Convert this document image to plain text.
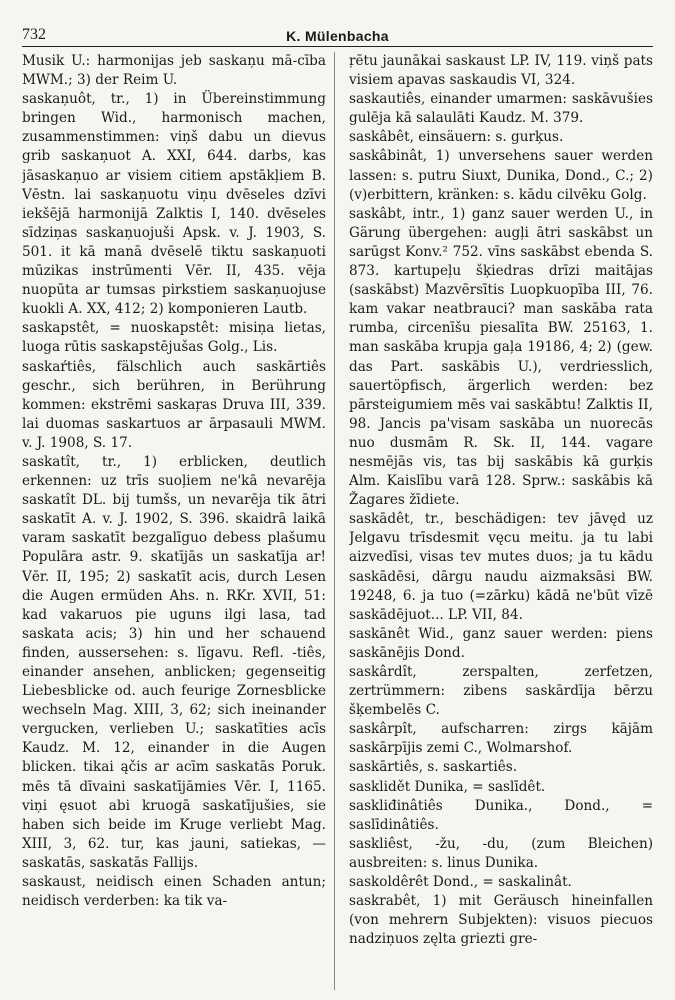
732	K. Mülenbacha

Musik U.: harmonijas jeb saskaņu mā-cība MWM.; 3) der Reim U.

saskaņuôt, tr., 1) in Übereinstimmung bringen Wid., harmonisch machen, zusammenstimmen: viņš dabu un dievus grib saskaņuot A. XXI, 644. darbs, kas jāsaskaņuo ar visiem citiem apstākļiem B. Vēstn. lai saskaņuotu viņu dvēseles dzīvi iekšējā harmonijā Zalktis I, 140. dvēseles sīdziņas saskaņuojuši Apsk. v. J. 1903, S. 501. it kā manā dvēselē tiktu saskaņuoti mūzikas instrūmenti Vēr. II, 435. vēja nuopūta ar tumsas pirkstiem saskaņuojuse kuokli A. XX, 412; 2) komponieren Lautb.

saskapstêt, = nuoskapstêt: misiņa lietas, luoga rūtis saskapstējušas Golg., Lis.

saskaŕtiês, fälschlich auch saskārtiês geschr., sich berühren, in Berührung kommen: ekstrēmi saskaŗas Druva III, 339. lai duomas saskartuos ar ārpasauli MWM. v. J. 1908, S. 17.

saskatît, tr., 1) erblicken, deutlich erkennen: uz trīs suoļiem ne'kā nevarēja saskatît DL. bij tumšs, un nevarēja tik ātri saskatīt A. v. J. 1902, S. 396. skaidrā laikā varam saskatīt bezgalīguo debess plašumu Populāra astr. 9. skatījās un saskatīja ar! Vēr. II, 195; 2) saskatīt acis, durch Lesen die Augen ermüden Ahs. n. RKr. XVII, 51: kad vakaruos pie uguns ilgi lasa, tad saskata acis; 3) hin und her schauend finden, aussersehen: s. līgavu. Refl. -tiês, einander ansehen, anblicken; gegenseitig Liebesblicke od. auch feurige Zornesblicke wechseln Mag. XIII, 3, 62; sich ineinander vergucken, verlieben U.; saskatīties acīs Kaudz. M. 12, einander in die Augen blicken. tikai ąčis ar acīm saskatās Poruk. mēs tā dīvaini saskatījāmies Vēr. I, 1165. viņi ęsuot abi kruogā saskatījušies, sie haben sich beide im Kruge verliebt Mag. XIII, 3, 62. tur, kas jauni, satiekas, — saskatās, saskatās Fallijs.

saskaust, neidisch einen Schaden antun; neidisch verderben: ka tik va-

ŗētu jaunākai saskaust LP. IV, 119. viņš pats visiem apavas saskaudis VI, 324.

saskautiês, einander umarmen: saskāvušies gulēja kā salaulāti Kaudz. M. 379.

saskâbêt, einsäuern: s. gurķus.

saskâbinât, 1) unversehens sauer werden lassen: s. putru Siuxt, Dunika, Dond., C.; 2) (v)erbittern, kränken: s. kādu cilvēku Golg.

saskâbt, intr., 1) ganz sauer werden U., in Gärung übergehen: augļi ātri saskābst un sarūgst Konv.² 752. vīns saskābst ebenda S. 873. kartupeļu šķiedras drīzi maitājas (saskābst) Mazvērsītis Luopkuopība III, 76. kam vakar neatbrauci? man saskāba rata rumba, circenīšu piesalīta BW. 25163, 1. man saskāba krupja gaļa 19186, 4; 2) (gew. das Part. saskābis U.), verdriesslich, sauertöpfisch, ärgerlich werden: bez pārsteigumiem mēs vai saskābtu! Zalktis II, 98. Jancis pa'visam saskāba un nuorecās nuo dusmām R. Sk. II, 144. vagare nesmējās vis, tas bij saskābis kā gurķis Alm. Kaislību varā 128. Sprw.: saskābis kā Žagares žīdiete.

saskādêt, tr., beschädigen: tev jāvęd uz Jelgavu trīsdesmit vęcu meitu. ja tu labi aizvedīsi, visas tev mutes duos; ja tu kādu saskādēsi, dārgu naudu aizmaksāsi BW. 19248, 6. ja tuo (=zārku) kādā ne'būt vīzē saskādējuot... LP. VII, 84.

saskānêt Wid., ganz sauer werden: piens saskānējis Dond.

saskârdît, zerspalten, zerfetzen, zertrümmern: zibens saskārdīja bērzu šķembelēs C.

saskârpît, aufscharren: zirgs kājām saskārpījis zemi C., Wolmarshof.

saskārtiês, s. saskartiês.

sasklidět Dunika, = saslīdêt.

saskliđinâtiês Dunika., Dond., = saslīdinâtiês.

saskliêst, -žu, -du, (zum Bleichen) ausbreiten: s. linus Dunika.

saskoldêrêt Dond., = saskalinât.

saskrabêt, 1) mit Geräusch hineinfallen (von mehrern Subjekten): visuos piecuos nadziņuos zęlta griezti gre-
